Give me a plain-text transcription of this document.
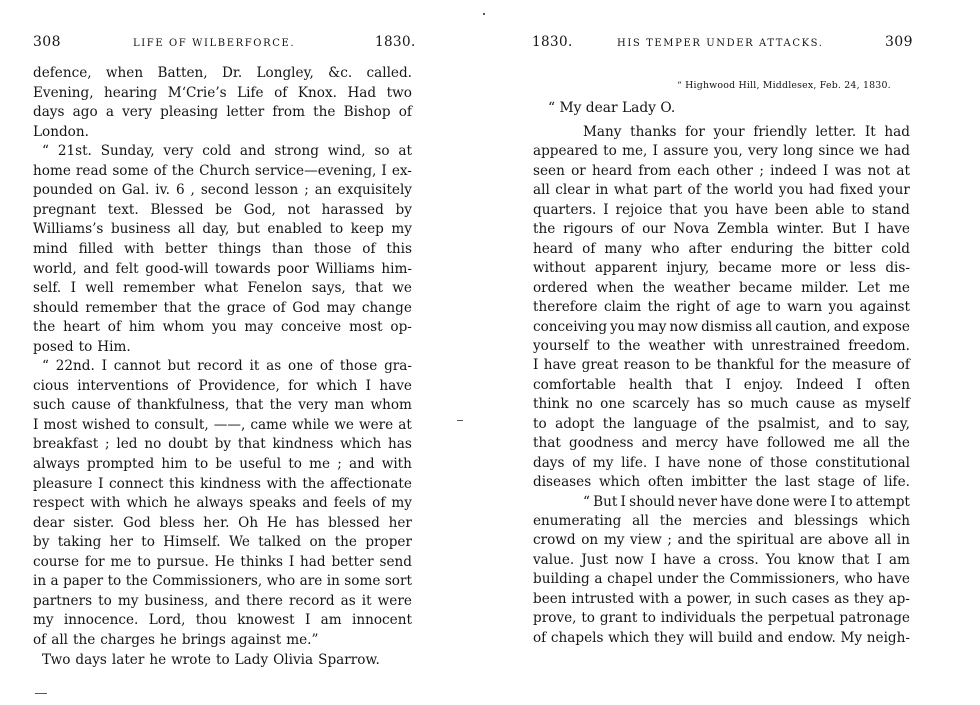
308	LIFE OF WILBERFORCE.	1830.
defence, when Batten, Dr. Longley, &c. called.
Evening, hearing M‘Crie’s Life of Knox. Had two
days ago a very pleasing letter from the Bishop of
London.
“ 21st. Sunday, very cold and strong wind, so at
home read some of the Church service—evening, I ex-
pounded on Gal. iv. 6 , second lesson ; an exquisitely
pregnant text. Blessed be God, not harassed by
Williams’s business all day, but enabled to keep my
mind filled with better things than those of this
world, and felt good-will towards poor Williams him-
self. I well remember what Fenelon says, that we
should remember that the grace of God may change
the heart of him whom you may conceive most op-
posed to Him.
“ 22nd. I cannot but record it as one of those gra-
cious interventions of Providence, for which I have
such cause of thankfulness, that the very man whom
I most wished to consult, ——, came while we were at
breakfast ; led no doubt by that kindness which has
always prompted him to be useful to me ; and with
pleasure I connect this kindness with the affectionate
respect with which he always speaks and feels of my
dear sister. God bless her. Oh He has blessed her
by taking her to Himself. We talked on the proper
course for me to pursue. He thinks I had better send
in a paper to the Commissioners, who are in some sort
partners to my business, and there record as it were
my innocence. Lord, thou knowest I am innocent
of all the charges he brings against me.”
Two days later he wrote to Lady Olivia Sparrow.
1830.	HIS TEMPER UNDER ATTACKS.	309
“ Highwood Hill, Middlesex, Feb. 24, 1830.
“ My dear Lady O.
Many thanks for your friendly letter. It had
appeared to me, I assure you, very long since we had
seen or heard from each other ; indeed I was not at
all clear in what part of the world you had fixed your
quarters. I rejoice that you have been able to stand
the rigours of our Nova Zembla winter. But I have
heard of many who after enduring the bitter cold
without apparent injury, became more or less dis-
ordered when the weather became milder. Let me
therefore claim the right of age to warn you against
conceiving you may now dismiss all caution, and expose
yourself to the weather with unrestrained freedom.
I have great reason to be thankful for the measure of
comfortable health that I enjoy. Indeed I often
think no one scarcely has so much cause as myself
to adopt the language of the psalmist, and to say,
that goodness and mercy have followed me all the
days of my life. I have none of those constitutional
diseases which often imbitter the last stage of life.
“ But I should never have done were I to attempt
enumerating all the mercies and blessings which
crowd on my view ; and the spiritual are above all in
value. Just now I have a cross. You know that I am
building a chapel under the Commissioners, who have
been intrusted with a power, in such cases as they ap-
prove, to grant to individuals the perpetual patronage
of chapels which they will build and endow. My neigh-
